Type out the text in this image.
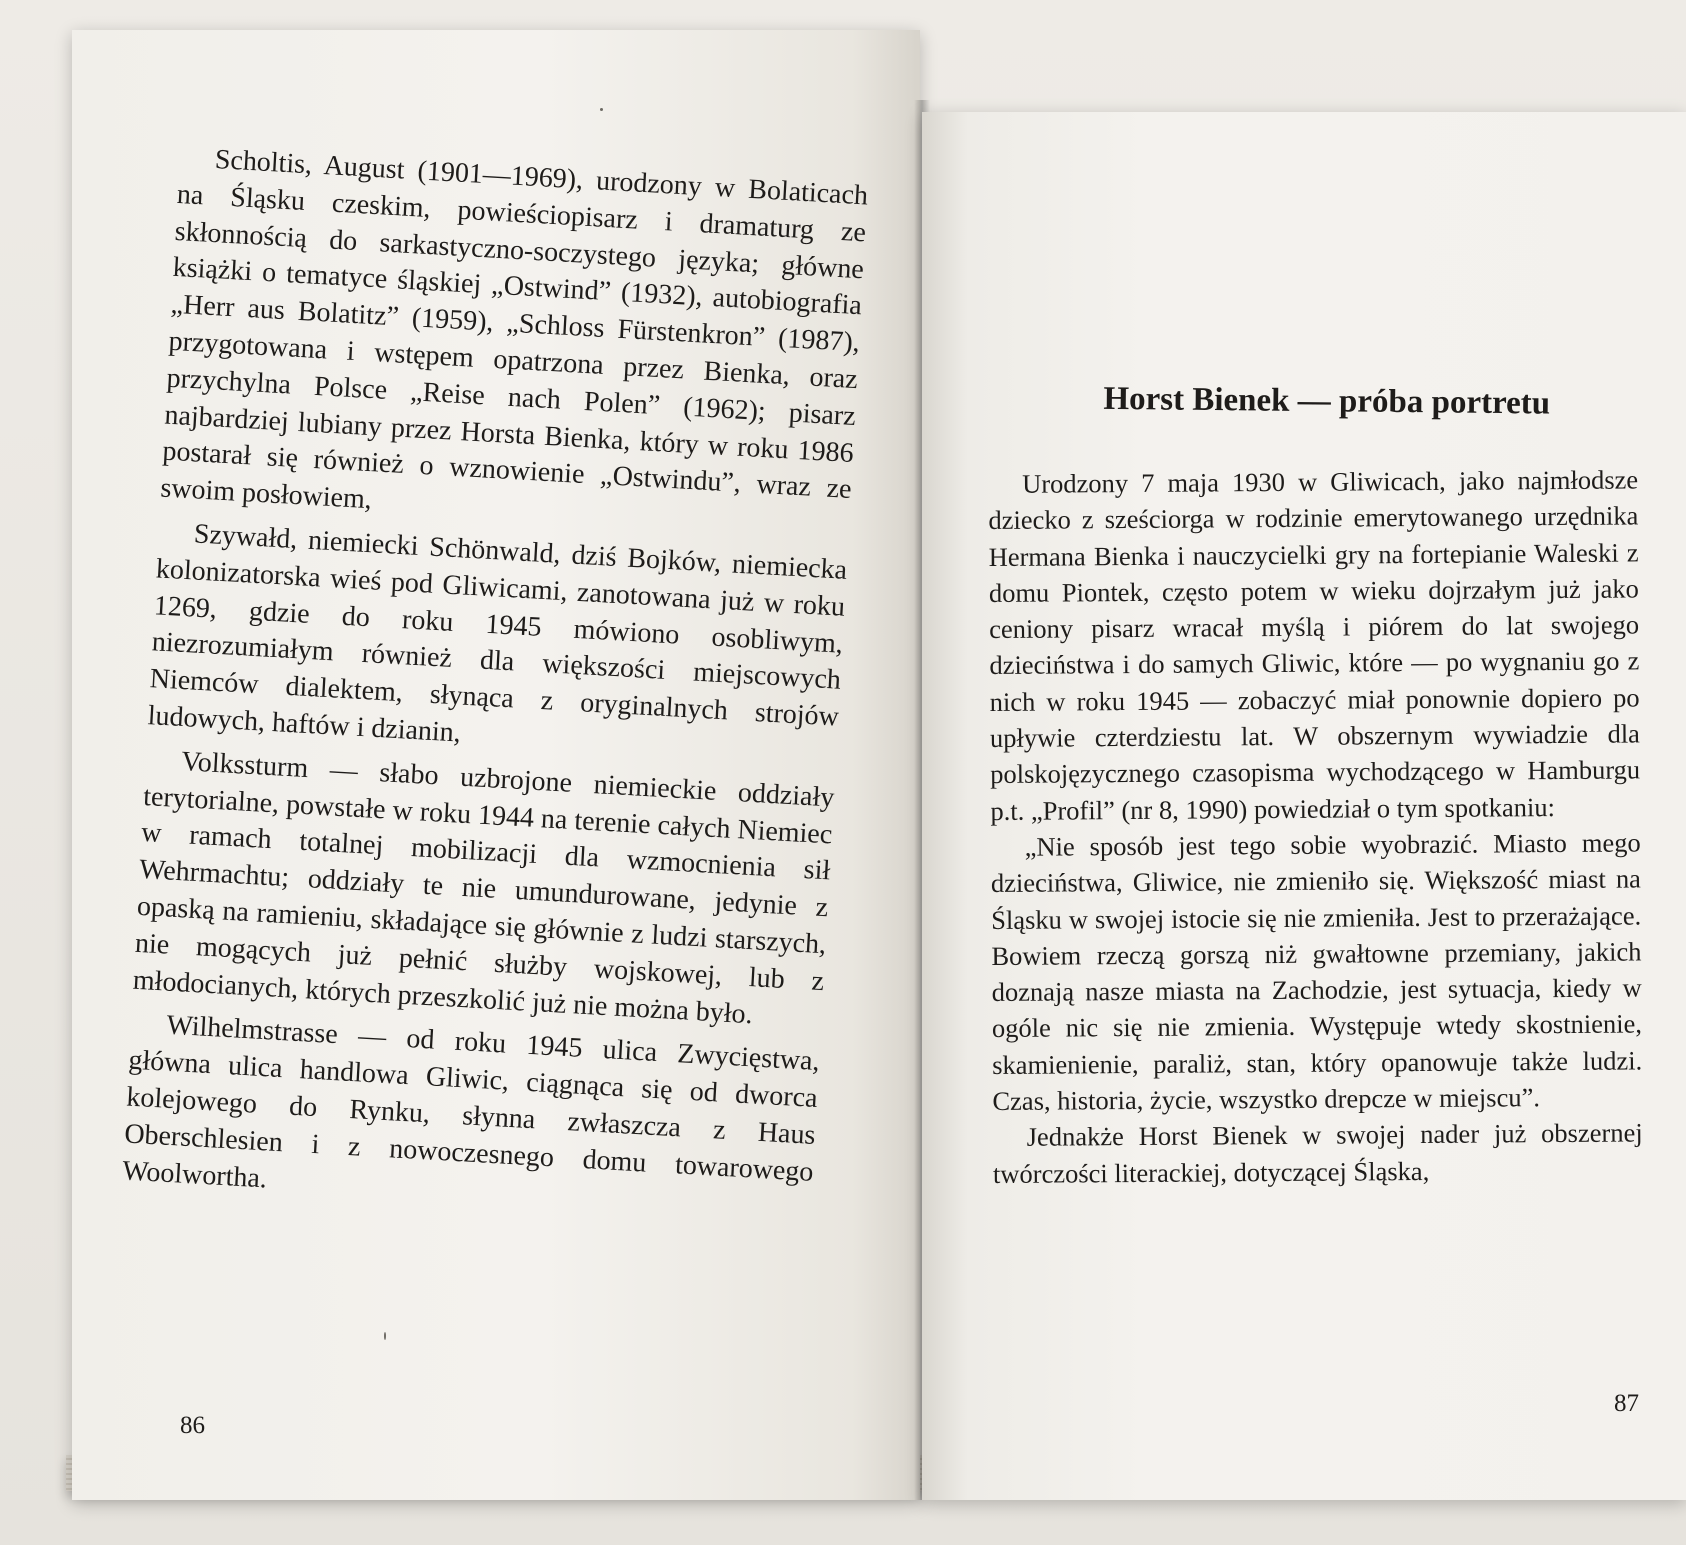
Scholtis, August (1901—1969), urodzony w Bolaticach na Śląsku czeskim, powieściopisarz i dramaturg ze skłonnością do sarkastyczno-soczystego języka; główne książki o tematyce śląskiej „Ostwind” (1932), autobiografia „Herr aus Bolatitz” (1959), „Schloss Fürstenkron” (1987), przygotowana i wstępem opatrzona przez Bienka, oraz przychylna Polsce „Reise nach Polen” (1962); pisarz najbardziej lubiany przez Horsta Bienka, który w roku 1986 postarał się również o wznowienie „Ostwindu”, wraz ze swoim posłowiem,

Szywałd, niemiecki Schönwald, dziś Bojków, niemiecka kolonizatorska wieś pod Gliwicami, zanotowana już w roku 1269, gdzie do roku 1945 mówiono osobliwym, niezrozumiałym również dla większości miejscowych Niemców dialektem, słynąca z oryginalnych strojów ludowych, haftów i dzianin,

Volkssturm — słabo uzbrojone niemieckie oddziały terytorialne, powstałe w roku 1944 na terenie całych Niemiec w ramach totalnej mobilizacji dla wzmocnienia sił Wehrmachtu; oddziały te nie umundurowane, jedynie z opaską na ramieniu, składające się głównie z ludzi starszych, nie mogących już pełnić służby wojskowej, lub z młodocianych, których przeszkolić już nie można było.

Wilhelmstrasse — od roku 1945 ulica Zwycięstwa, główna ulica handlowa Gliwic, ciągnąca się od dworca kolejowego do Rynku, słynna zwłaszcza z Haus Oberschlesien i z nowoczesnego domu towarowego Woolwortha.

86
Horst Bienek — próba portretu

Urodzony 7 maja 1930 w Gliwicach, jako najmłodsze dziecko z sześciorga w rodzinie emerytowanego urzędnika Hermana Bienka i nauczycielki gry na fortepianie Waleski z domu Piontek, często potem w wieku dojrzałym już jako ceniony pisarz wracał myślą i piórem do lat swojego dzieciństwa i do samych Gliwic, które — po wygnaniu go z nich w roku 1945 — zobaczyć miał ponownie dopiero po upływie czterdziestu lat. W obszernym wywiadzie dla polskojęzycznego czasopisma wychodzącego w Hamburgu p.t. „Profil” (nr 8, 1990) powiedział o tym spotkaniu:

„Nie sposób jest tego sobie wyobrazić. Miasto mego dzieciństwa, Gliwice, nie zmieniło się. Większość miast na Śląsku w swojej istocie się nie zmieniła. Jest to przerażające. Bowiem rzeczą gorszą niż gwałtowne przemiany, jakich doznają nasze miasta na Zachodzie, jest sytuacja, kiedy w ogóle nic się nie zmienia. Występuje wtedy skostnienie, skamienienie, paraliż, stan, który opanowuje także ludzi. Czas, historia, życie, wszystko drepcze w miejscu”.

Jednakże Horst Bienek w swojej nader już obszernej twórczości literackiej, dotyczącej Śląska,

87
